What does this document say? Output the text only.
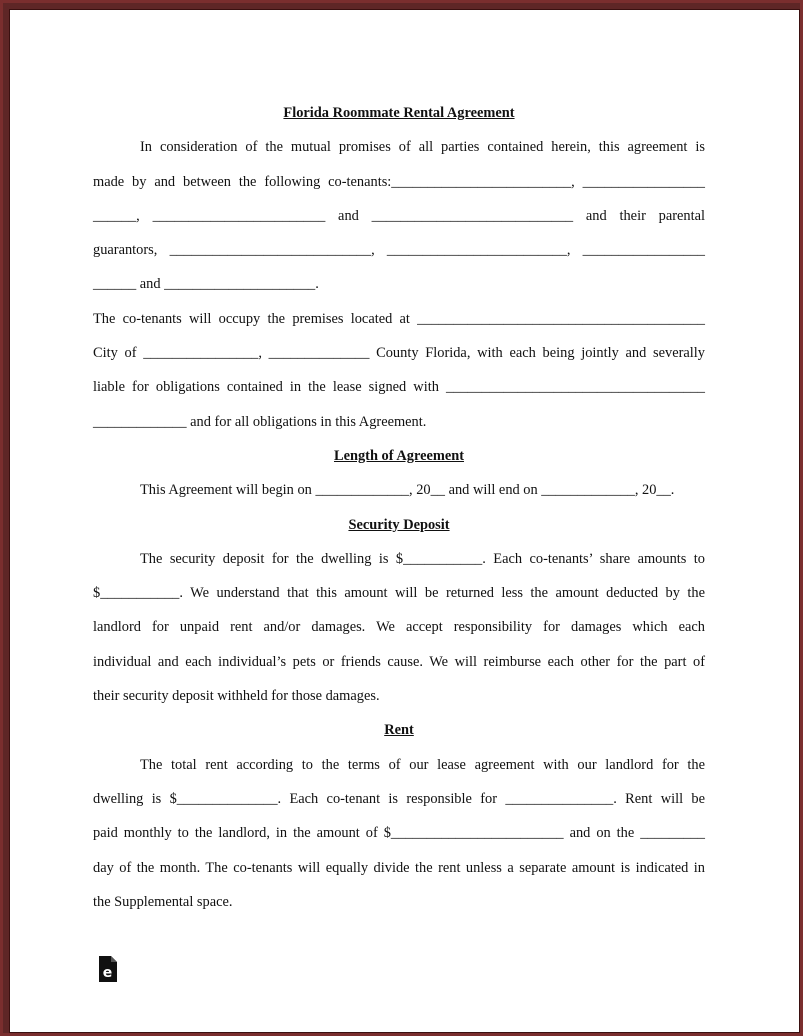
Florida Roommate Rental Agreement

In consideration of the mutual promises of all parties contained herein, this agreement is

made by and between the following co-tenants:_________________________, _________________

______, ________________________ and ____________________________ and their parental

guarantors, ____________________________, _________________________, _________________

______ and _____________________.

The co-tenants will occupy the premises located at ________________________________________

City of ________________, ______________ County Florida, with each being jointly and severally

liable for obligations contained in the lease signed with ____________________________________

_____________ and for all obligations in this Agreement.

Length of Agreement

This Agreement will begin on _____________, 20__ and will end on _____________, 20__.

Security Deposit

The security deposit for the dwelling is $___________. Each co-tenants’ share amounts to

$___________. We understand that this amount will be returned less the amount deducted by the

landlord for unpaid rent and/or damages. We accept responsibility for damages which each

individual and each individual’s pets or friends cause. We will reimburse each other for the part of

their security deposit withheld for those damages.

Rent

The total rent according to the terms of our lease agreement with our landlord for the

dwelling is $______________. Each co-tenant is responsible for _______________. Rent will be

paid monthly to the landlord, in the amount of $________________________ and on the _________

day of the month. The co-tenants will equally divide the rent unless a separate amount is indicated in

the Supplemental space.

e
